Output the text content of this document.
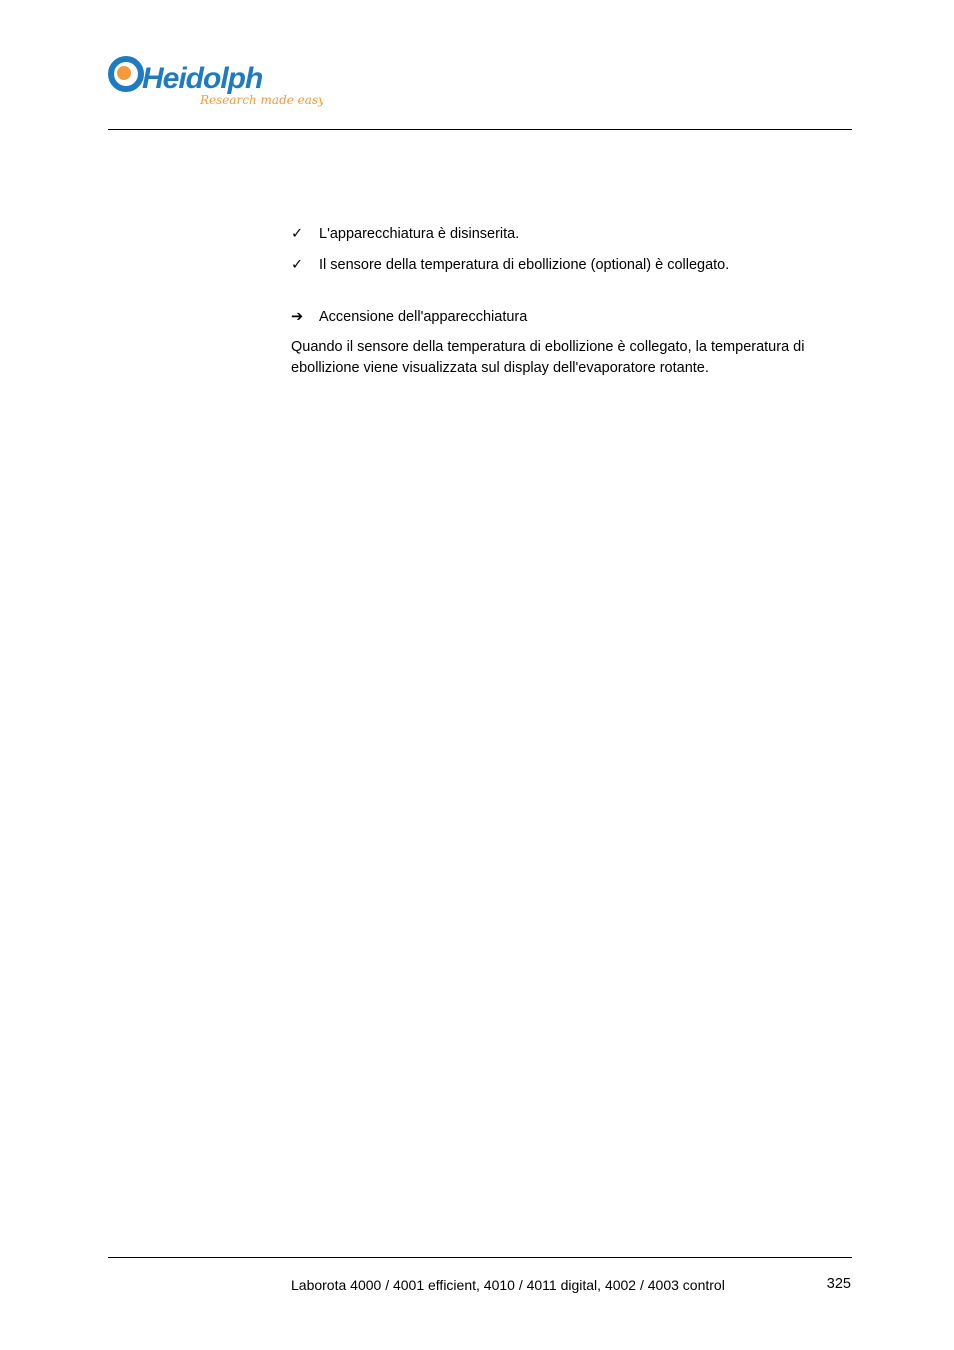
Heidolph
Research made easy
✓ L'apparecchiatura è disinserita.
✓ Il sensore della temperatura di ebollizione (optional) è collegato.
➔ Accensione dell'apparecchiatura

Quando il sensore della temperatura di ebollizione è collegato, la temperatura di ebollizione viene visualizzata sul display dell'evaporatore rotante.

Laborota 4000 / 4001 efficient, 4010 / 4011 digital, 4002 / 4003 control	325
